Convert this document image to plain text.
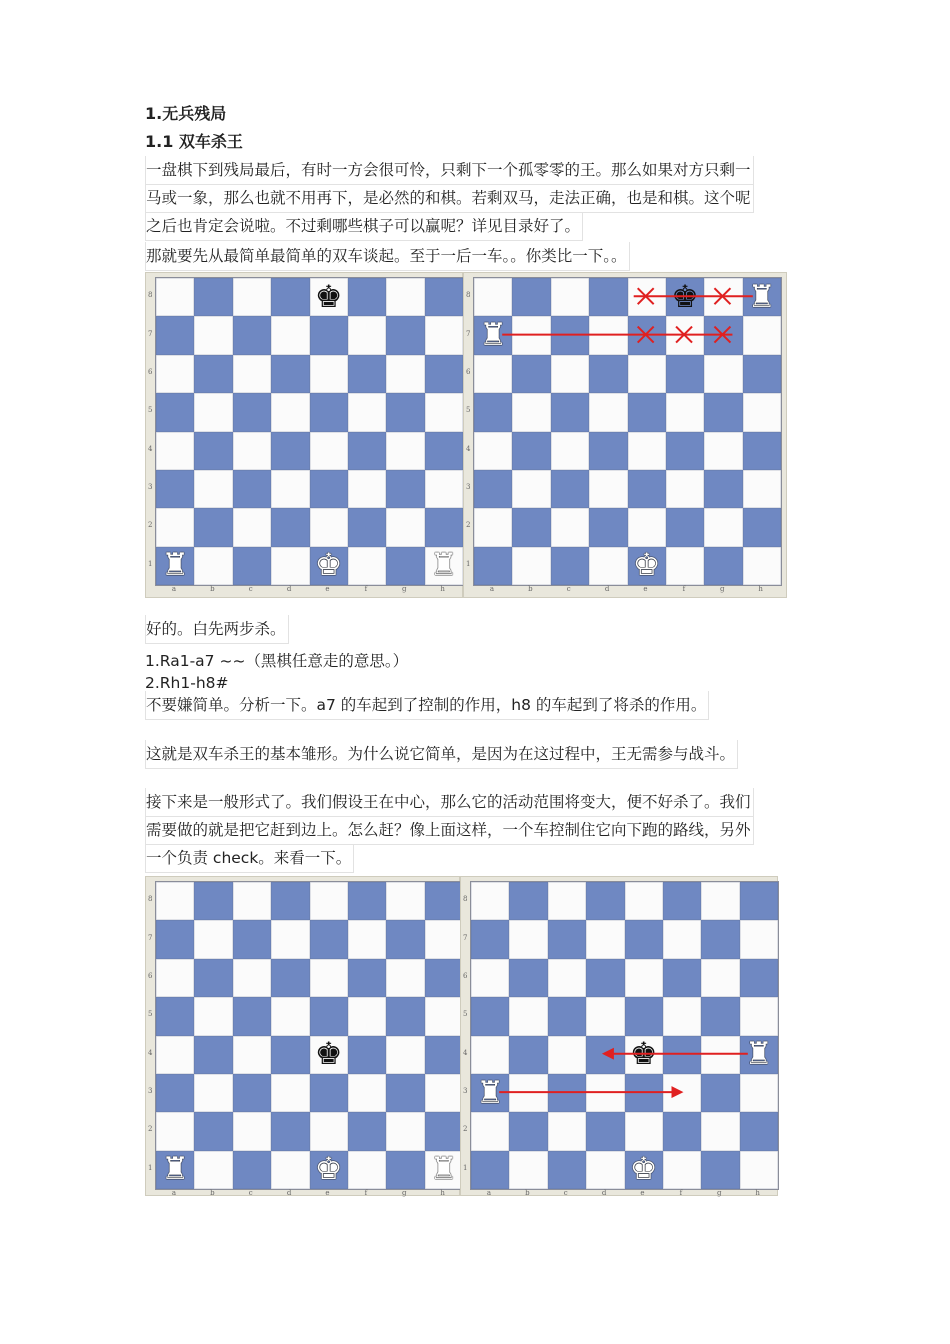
1.无兵残局
1.1 双车杀王
一盘棋下到残局最后，有时一方会很可怜，只剩下一个孤零零的王。那么如果对方只剩一
马或一象，那么也就不用再下，是必然的和棋。若剩双马，走法正确，也是和棋。这个呢
之后也肯定会说啦。不过剩哪些棋子可以赢呢？详见目录好了。
那就要先从最简单最简单的双车谈起。至于一后一车。。你类比一下。。
♚
♜	♚	♜
8
7
6
5
4
3
2
1
a	b	c	d	e	f	g	h
♚ ♜
♜
♚
8
7
6
5
4
3
2
1
a	b	c	d	e	f	g	h
好的。白先两步杀。
1.Ra1-a7 ~~（黑棋任意走的意思。）
2.Rh1-h8#
不要嫌简单。分析一下。a7 的车起到了控制的作用，h8 的车起到了将杀的作用。
这就是双车杀王的基本雏形。为什么说它简单，是因为在这过程中，王无需参与战斗。
接下来是一般形式了。我们假设王在中心，那么它的活动范围将变大，便不好杀了。我们
需要做的就是把它赶到边上。怎么赶？像上面这样，一个车控制住它向下跑的路线，另外
一个负责 check。来看一下。
♚
♜	♚	♜
8
7
6
5
4
3
2
1
a	b	c	d	e	f	g	h
♚	♜
♜
♚
8
7
6
5
4
3
2
1
a	b	c	d	e	f	g	h
